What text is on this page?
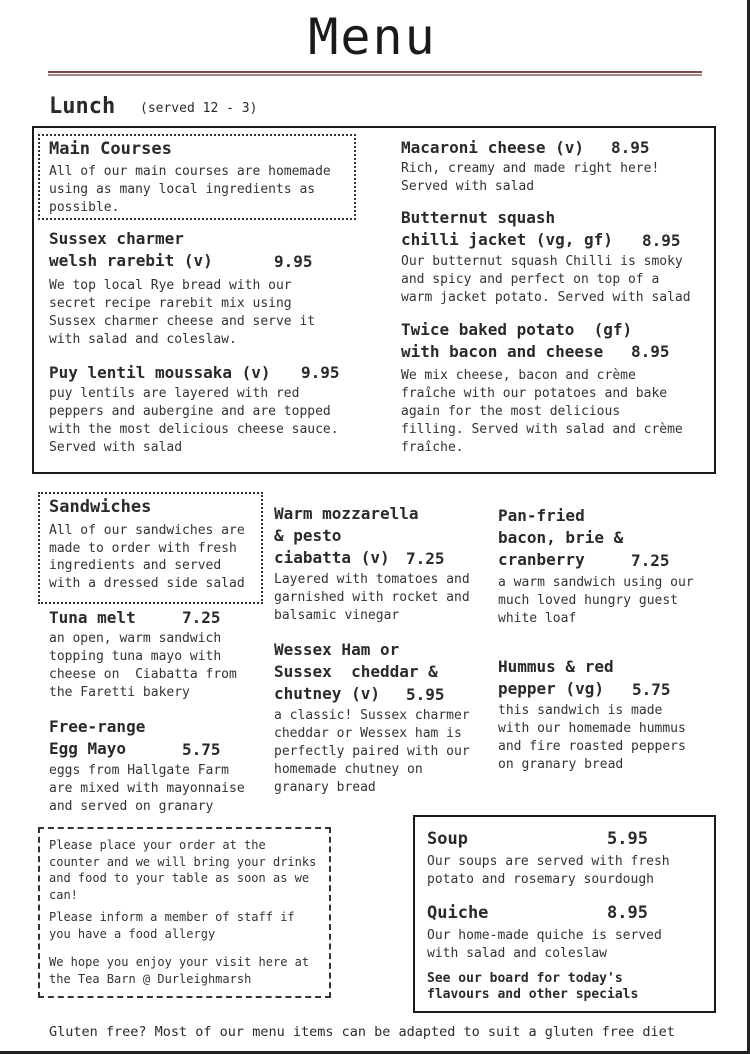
Menu
Lunch (served 12 - 3)
Main Courses
All of our main courses are homemade
using as many local ingredients as
possible.
Sussex charmer
welsh rarebit (v)	9.95
We top local Rye bread with our
secret recipe rarebit mix using
Sussex charmer cheese and serve it
with salad and coleslaw.
Puy lentil moussaka (v) 9.95
puy lentils are layered with red
peppers and aubergine and are topped
with the most delicious cheese sauce.
Served with salad
Macaroni cheese (v) 8.95
Rich, creamy and made right here!
Served with salad
Butternut squash
chilli jacket (vg, gf) 8.95
Our butternut squash Chilli is smoky
and spicy and perfect on top of a
warm jacket potato. Served with salad
Twice baked potato  (gf)
with bacon and cheese	8.95
We mix cheese, bacon and crème
fraîche with our potatoes and bake
again for the most delicious
filling. Served with salad and crème
fraîche.
Sandwiches
All of our sandwiches are
made to order with fresh
ingredients and served
with a dressed side salad
Tuna melt	7.25
an open, warm sandwich
topping tuna mayo with
cheese on  Ciabatta from
the Faretti bakery
Free-range
Egg Mayo	5.75
eggs from Hallgate Farm
are mixed with mayonnaise
and served on granary
Warm mozzarella
& pesto
ciabatta (v)	7.25
Layered with tomatoes and
garnished with rocket and
balsamic vinegar
Wessex Ham or
Sussex  cheddar &
chutney (v)	5.95
a classic! Sussex charmer
cheddar or Wessex ham is
perfectly paired with our
homemade chutney on
granary bread
Pan-fried
bacon, brie &
cranberry	7.25
a warm sandwich using our
much loved hungry guest
white loaf
Hummus & red
pepper (vg)	5.75
this sandwich is made
with our homemade hummus
and fire roasted peppers
on granary bread
Please place your order at the
counter and we will bring your drinks
and food to your table as soon as we
can!
Please inform a member of staff if
you have a food allergy
We hope you enjoy your visit here at
the Tea Barn @ Durleighmarsh
Soup	5.95
Our soups are served with fresh
potato and rosemary sourdough
Quiche	8.95
Our home-made quiche is served
with salad and coleslaw
See our board for today's
flavours and other specials
Gluten free? Most of our menu items can be adapted to suit a gluten free diet
